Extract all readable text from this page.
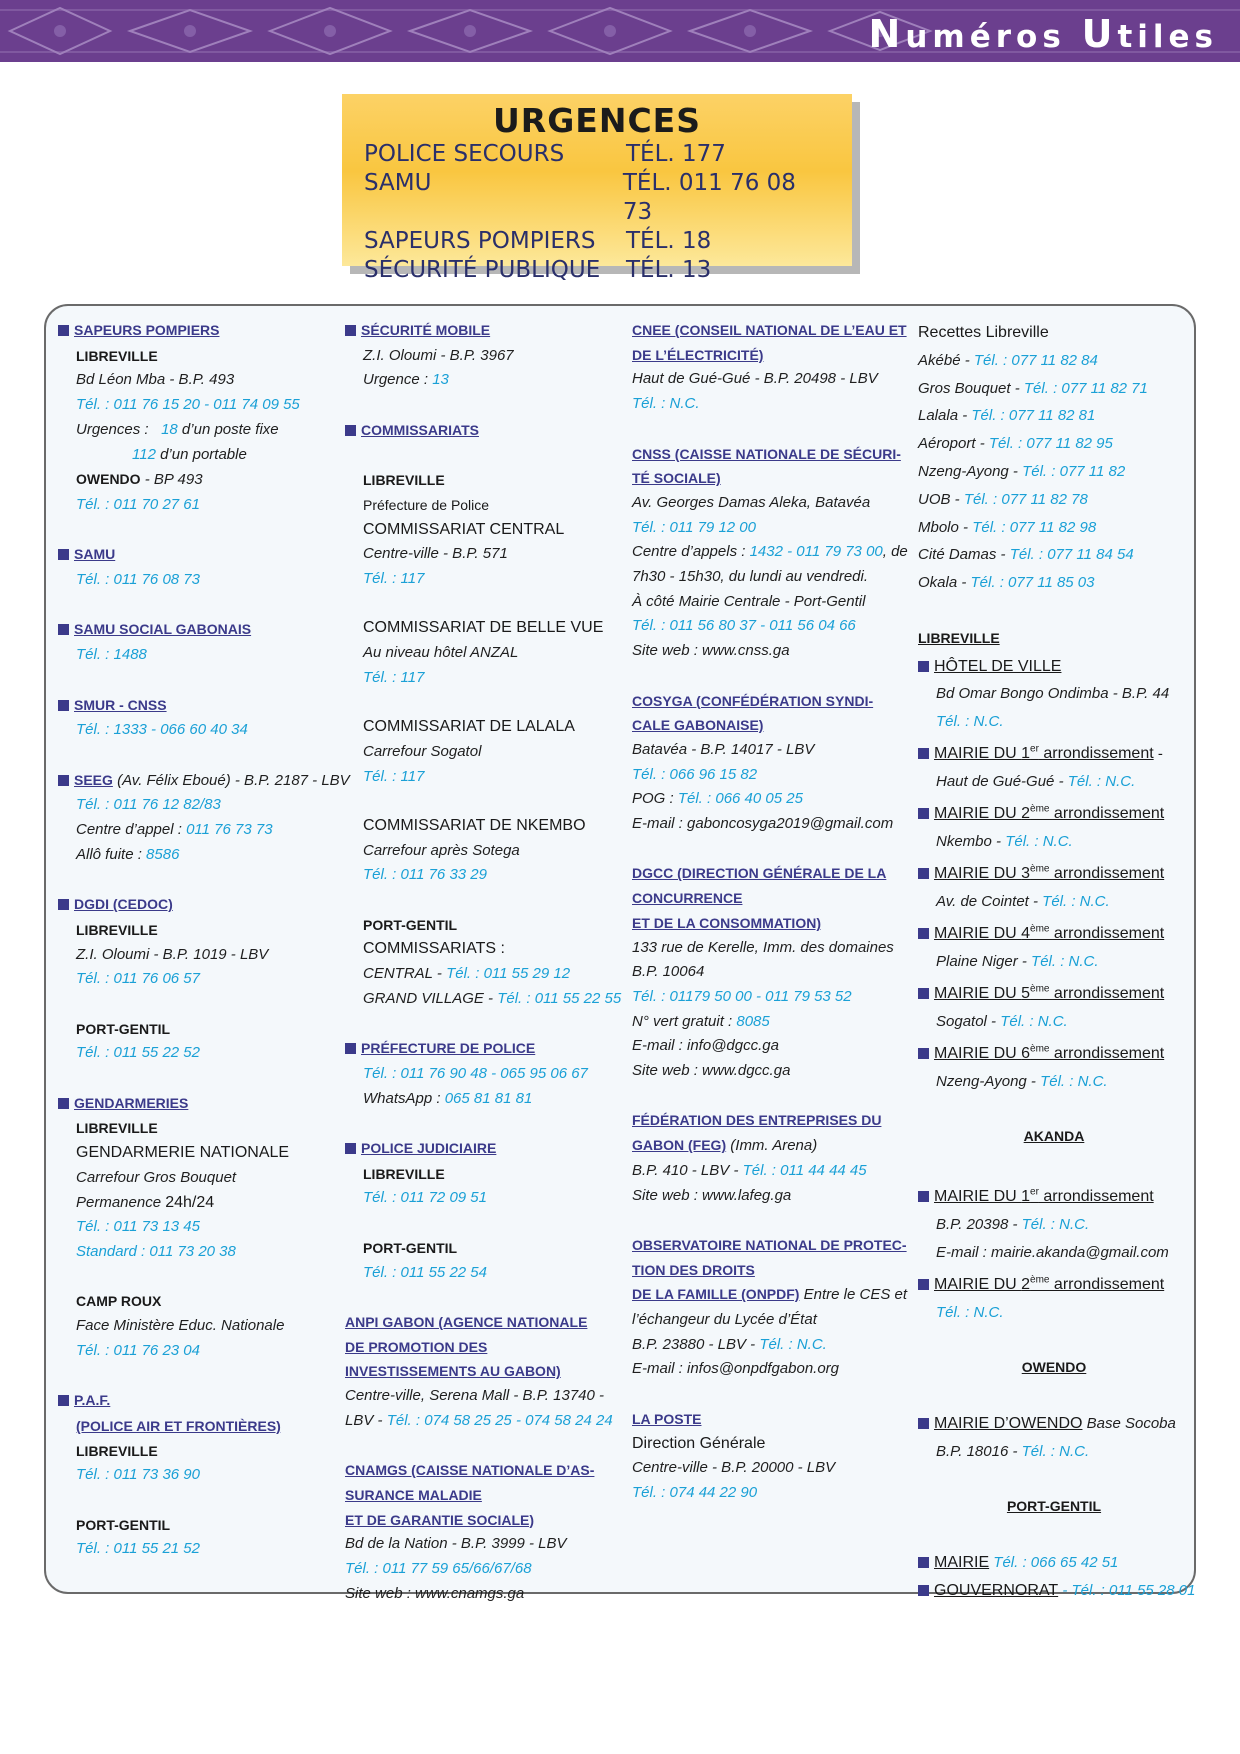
Numéros Utiles
URGENCES
POLICE SECOURS	TÉL. 177
SAMU	TÉL. 011 76 08 73
SAPEURS POMPIERS	TÉL. 18
SÉCURITÉ PUBLIQUE	TÉL. 13
SAPEURS POMPIERS
LIBREVILLE
Bd Léon Mba - B.P. 493
Tél. : 011 76 15 20 - 011 74 09 55
Urgences : 18 d’un poste fixe
112 d’un portable
OWENDO - BP 493
Tél. : 011 70 27 61
SAMU
Tél. : 011 76 08 73
SAMU SOCIAL GABONAIS
Tél. : 1488
SMUR - CNSS
Tél. : 1333 - 066 60 40 34
SEEG (Av. Félix Eboué) - B.P. 2187 - LBV
Tél. : 011 76 12 82/83
Centre d’appel : 011 76 73 73
Allô fuite : 8586
DGDI (CEDOC)
LIBREVILLE
Z.I. Oloumi - B.P. 1019 - LBV
Tél. : 011 76 06 57
PORT-GENTIL
Tél. : 011 55 22 52
GENDARMERIES
LIBREVILLE
GENDARMERIE NATIONALE
Carrefour Gros Bouquet
Permanence 24h/24
Tél. : 011 73 13 45
Standard : 011 73 20 38
CAMP ROUX
Face Ministère Educ. Nationale
Tél. : 011 76 23 04
P.A.F.
(POLICE AIR ET FRONTIÈRES)
LIBREVILLE
Tél. : 011 73 36 90
PORT-GENTIL
Tél. : 011 55 21 52
SÉCURITÉ MOBILE
Z.I. Oloumi - B.P. 3967
Urgence : 13
COMMISSARIATS
LIBREVILLE
Préfecture de Police
COMMISSARIAT CENTRAL
Centre-ville - B.P. 571
Tél. : 117
COMMISSARIAT DE BELLE VUE
Au niveau hôtel ANZAL
Tél. : 117
COMMISSARIAT DE LALALA
Carrefour Sogatol
Tél. : 117
COMMISSARIAT DE NKEMBO
Carrefour après Sotega
Tél. : 011 76 33 29
PORT-GENTIL
COMMISSARIATS :
CENTRAL - Tél. : 011 55 29 12
GRAND VILLAGE - Tél. : 011 55 22 55
PRÉFECTURE DE POLICE
Tél. : 011 76 90 48 - 065 95 06 67
WhatsApp : 065 81 81 81
POLICE JUDICIAIRE
LIBREVILLE
Tél. : 011 72 09 51
PORT-GENTIL
Tél. : 011 55 22 54
ANPI GABON (AGENCE NATIONALE
DE PROMOTION DES
INVESTISSEMENTS AU GABON)
Centre-ville, Serena Mall - B.P. 13740 -
LBV - Tél. : 074 58 25 25 - 074 58 24 24
CNAMGS (CAISSE NATIONALE D’AS-
SURANCE MALADIE
ET DE GARANTIE SOCIALE)
Bd de la Nation - B.P. 3999 - LBV
Tél. : 011 77 59 65/66/67/68
Site web : www.cnamgs.ga
CNEE (CONSEIL NATIONAL DE L’EAU ET
DE L’ÉLECTRICITÉ)
Haut de Gué-Gué - B.P. 20498 - LBV
Tél. : N.C.
CNSS (CAISSE NATIONALE DE SÉCURI-
TÉ SOCIALE)
Av. Georges Damas Aleka, Batavéa
Tél. : 011 79 12 00
Centre d’appels : 1432 - 011 79 73 00, de
7h30 - 15h30, du lundi au vendredi.
À côté Mairie Centrale - Port-Gentil
Tél. : 011 56 80 37 - 011 56 04 66
Site web : www.cnss.ga
COSYGA (CONFÉDÉRATION SYNDI-
CALE GABONAISE)
Batavéa - B.P. 14017 - LBV
Tél. : 066 96 15 82
POG : Tél. : 066 40 05 25
E-mail : gaboncosyga2019@gmail.com
DGCC (DIRECTION GÉNÉRALE DE LA
CONCURRENCE
ET DE LA CONSOMMATION)
133 rue de Kerelle, Imm. des domaines
B.P. 10064
Tél. : 01179 50 00 - 011 79 53 52
N° vert gratuit : 8085
E-mail : info@dgcc.ga
Site web : www.dgcc.ga
FÉDÉRATION DES ENTREPRISES DU
GABON (FEG) (Imm. Arena)
B.P. 410 - LBV - Tél. : 011 44 44 45
Site web : www.lafeg.ga
OBSERVATOIRE NATIONAL DE PROTEC-
TION DES DROITS
DE LA FAMILLE (ONPDF) Entre le CES et
l’échangeur du Lycée d’État
B.P. 23880 - LBV - Tél. : N.C.
E-mail : infos@onpdfgabon.org
LA POSTE
Direction Générale
Centre-ville - B.P. 20000 - LBV
Tél. : 074 44 22 90
Recettes Libreville
Akébé - Tél. : 077 11 82 84
Gros Bouquet - Tél. : 077 11 82 71
Lalala - Tél. : 077 11 82 81
Aéroport - Tél. : 077 11 82 95
Nzeng-Ayong - Tél. : 077 11 82
UOB - Tél. : 077 11 82 78
Mbolo - Tél. : 077 11 82 98
Cité Damas - Tél. : 077 11 84 54
Okala - Tél. : 077 11 85 03
LIBREVILLE
HÔTEL DE VILLE
Bd Omar Bongo Ondimba - B.P. 44
Tél. : N.C.
MAIRIE DU 1er arrondissement -
Haut de Gué-Gué - Tél. : N.C.
MAIRIE DU 2ème arrondissement
Nkembo - Tél. : N.C.
MAIRIE DU 3ème arrondissement
Av. de Cointet - Tél. : N.C.
MAIRIE DU 4ème arrondissement
Plaine Niger - Tél. : N.C.
MAIRIE DU 5ème arrondissement
Sogatol - Tél. : N.C.
MAIRIE DU 6ème arrondissement
Nzeng-Ayong - Tél. : N.C.
AKANDA
MAIRIE DU 1er arrondissement
B.P. 20398 - Tél. : N.C.
E-mail : mairie.akanda@gmail.com
MAIRIE DU 2ème arrondissement
Tél. : N.C.
OWENDO
MAIRIE D’OWENDO Base Socoba
B.P. 18016 - Tél. : N.C.
PORT-GENTIL
MAIRIE Tél. : 066 65 42 51
GOUVERNORAT - Tél. : 011 55 28 01
